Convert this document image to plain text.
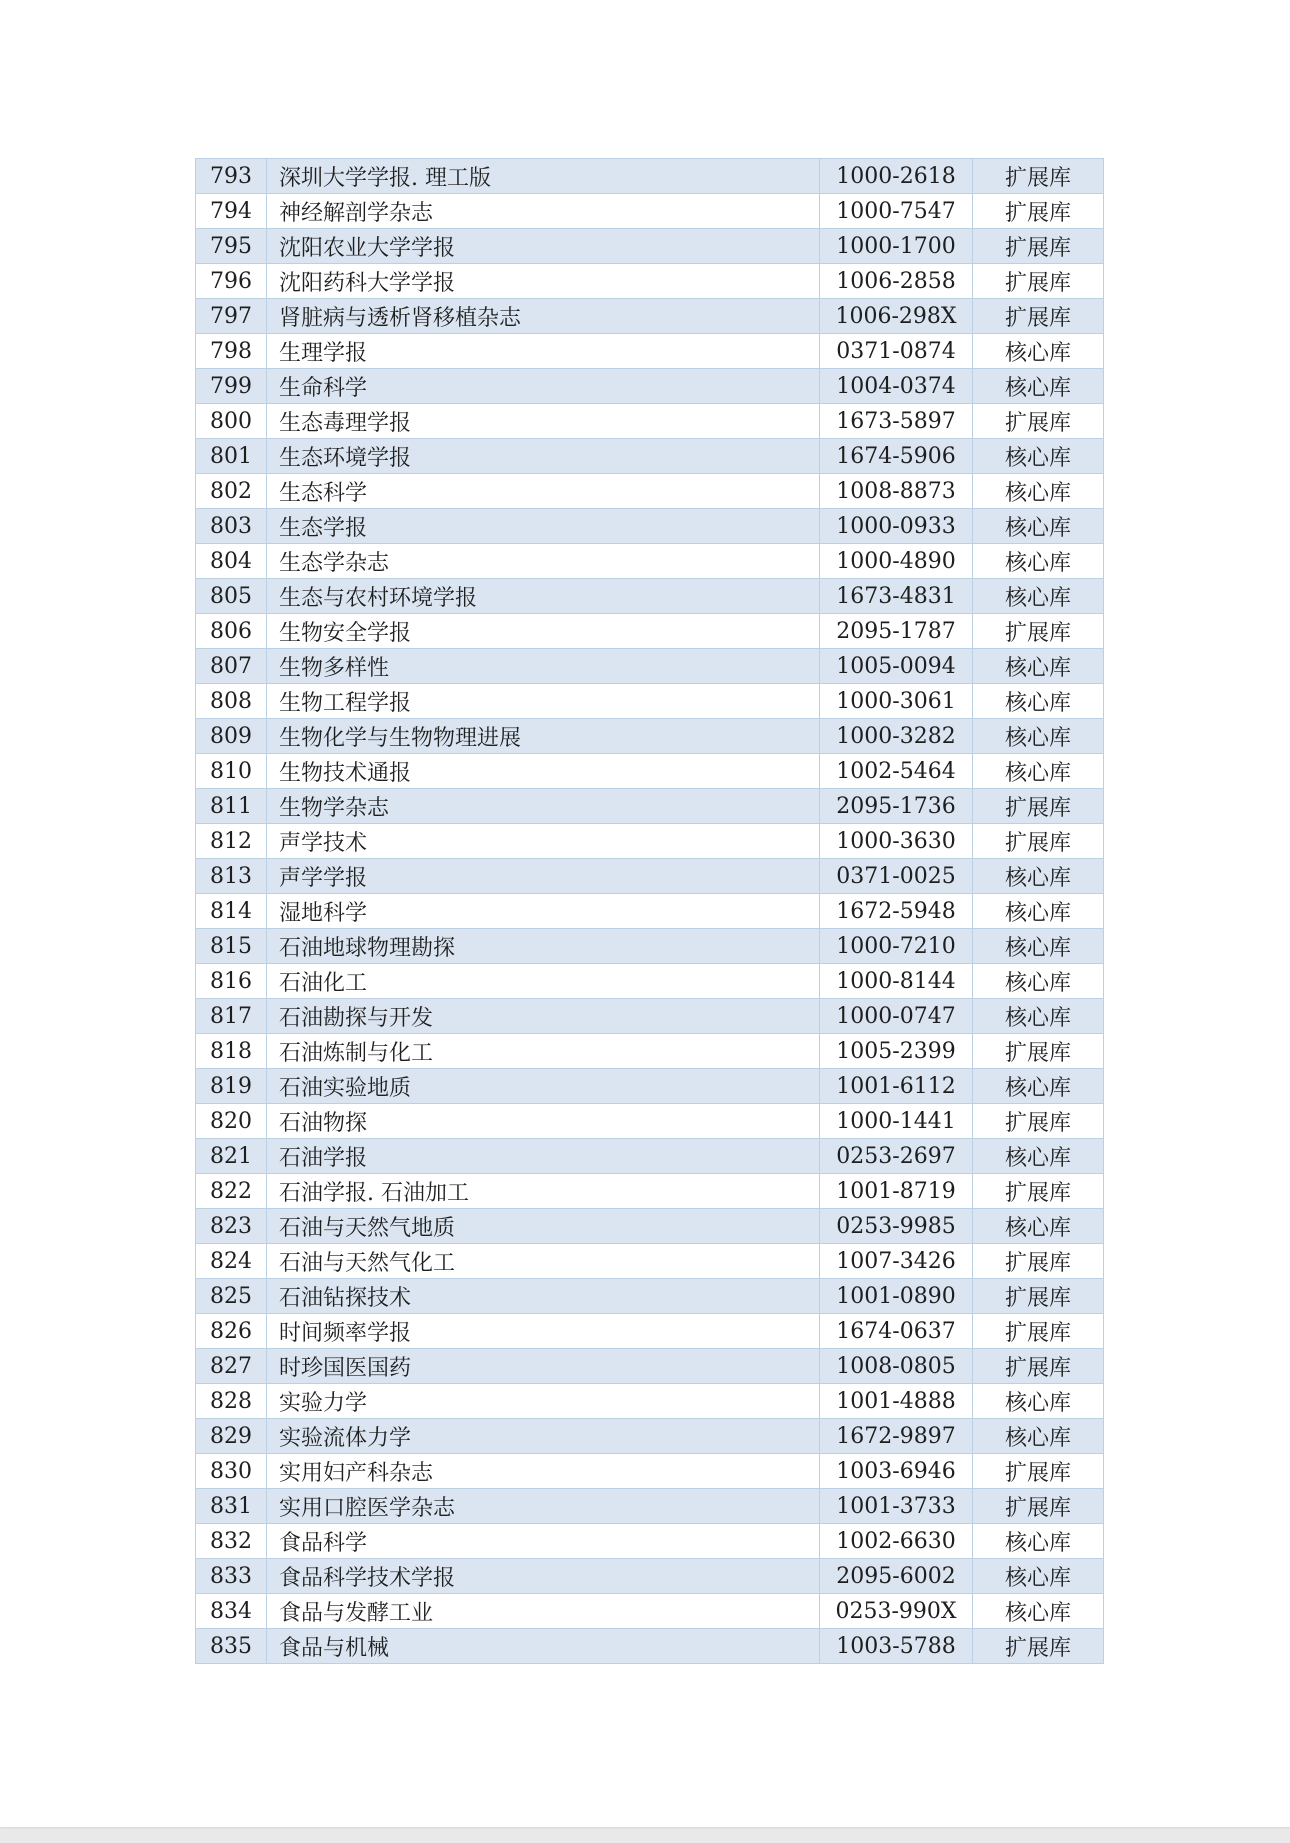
793	深圳大学学报. 理工版	1000-2618	扩展库
794	神经解剖学杂志	1000-7547	扩展库
795	沈阳农业大学学报	1000-1700	扩展库
796	沈阳药科大学学报	1006-2858	扩展库
797	肾脏病与透析肾移植杂志	1006-298X	扩展库
798	生理学报	0371-0874	核心库
799	生命科学	1004-0374	核心库
800	生态毒理学报	1673-5897	扩展库
801	生态环境学报	1674-5906	核心库
802	生态科学	1008-8873	核心库
803	生态学报	1000-0933	核心库
804	生态学杂志	1000-4890	核心库
805	生态与农村环境学报	1673-4831	核心库
806	生物安全学报	2095-1787	扩展库
807	生物多样性	1005-0094	核心库
808	生物工程学报	1000-3061	核心库
809	生物化学与生物物理进展	1000-3282	核心库
810	生物技术通报	1002-5464	核心库
811	生物学杂志	2095-1736	扩展库
812	声学技术	1000-3630	扩展库
813	声学学报	0371-0025	核心库
814	湿地科学	1672-5948	核心库
815	石油地球物理勘探	1000-7210	核心库
816	石油化工	1000-8144	核心库
817	石油勘探与开发	1000-0747	核心库
818	石油炼制与化工	1005-2399	扩展库
819	石油实验地质	1001-6112	核心库
820	石油物探	1000-1441	扩展库
821	石油学报	0253-2697	核心库
822	石油学报. 石油加工	1001-8719	扩展库
823	石油与天然气地质	0253-9985	核心库
824	石油与天然气化工	1007-3426	扩展库
825	石油钻探技术	1001-0890	扩展库
826	时间频率学报	1674-0637	扩展库
827	时珍国医国药	1008-0805	扩展库
828	实验力学	1001-4888	核心库
829	实验流体力学	1672-9897	核心库
830	实用妇产科杂志	1003-6946	扩展库
831	实用口腔医学杂志	1001-3733	扩展库
832	食品科学	1002-6630	核心库
833	食品科学技术学报	2095-6002	核心库
834	食品与发酵工业	0253-990X	核心库
835	食品与机械	1003-5788	扩展库
